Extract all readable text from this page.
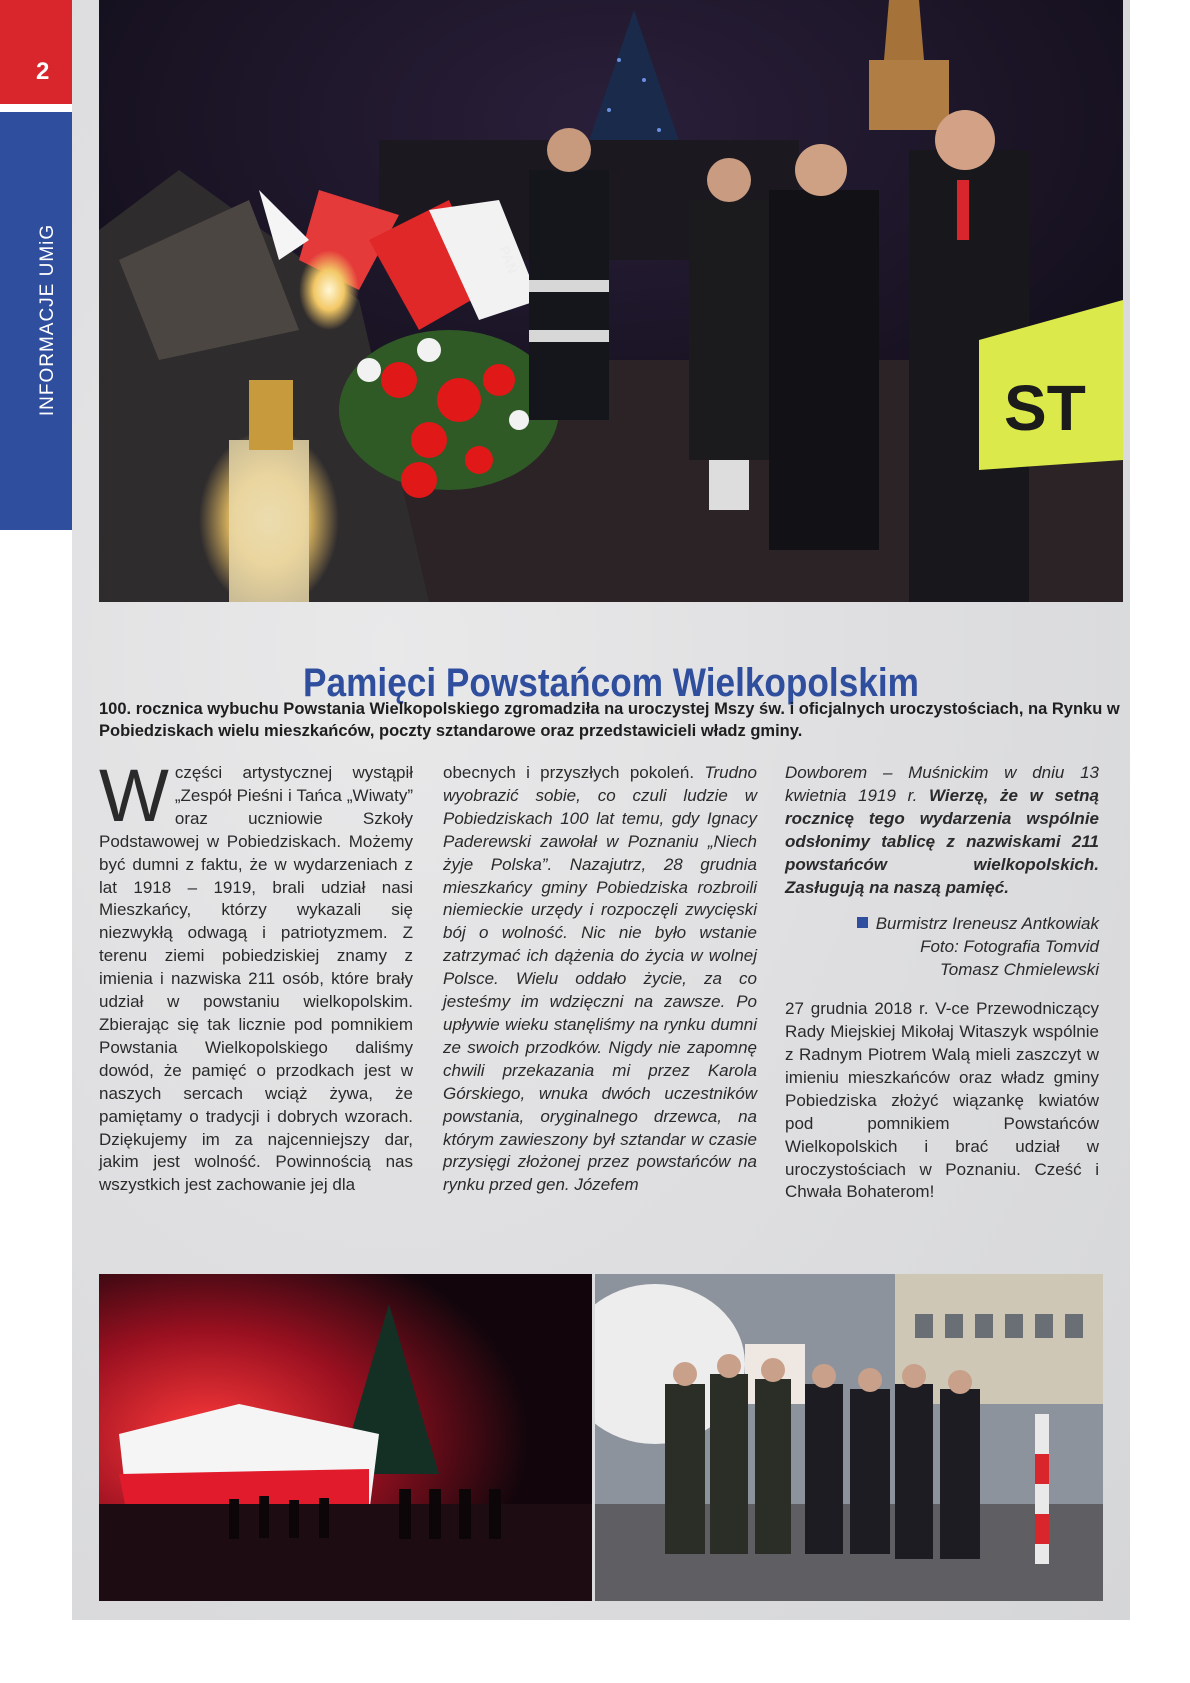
2
INFORMACJE UMiG	ST
PAŃ
Pamięci Powstańcom Wielkopolskim
100. rocznica wybuchu Powstania Wielkopolskiego zgromadziła na uroczystej Mszy św. i oficjalnych uroczystościach, na Rynku w Pobiedziskach wielu mieszkańców, poczty sztandarowe oraz przedstawicieli władz gminy.
W części artystycznej wystąpił „Zespół Pieśni i Tańca „Wiwaty” oraz uczniowie Szkoły Podstawowej w Pobiedziskach. Możemy być dumni z faktu, że w wydarzeniach z lat 1918 – 1919, brali udział nasi Mieszkańcy, którzy wykazali się niezwykłą odwagą i patriotyzmem. Z terenu ziemi pobiedziskiej znamy z imienia i nazwiska 211 osób, które brały udział w powstaniu wielkopolskim. Zbierając się tak licznie pod pomnikiem Powstania Wielkopolskiego daliśmy dowód, że pamięć o przodkach jest w naszych sercach wciąż żywa, że pamiętamy o tradycji i dobrych wzorach. Dziękujemy im za najcenniejszy dar, jakim jest wolność. Powinnością nas wszystkich jest zachowanie jej dla
obecnych i przyszłych pokoleń. Trudno wyobrazić sobie, co czuli ludzie w Pobiedziskach 100 lat temu, gdy Ignacy Paderewski zawołał w Poznaniu „Niech żyje Polska”. Nazajutrz, 28 grudnia mieszkańcy gminy Pobiedziska rozbroili niemieckie urzędy i rozpoczęli zwycięski bój o wolność. Nic nie było wstanie zatrzymać ich dążenia do życia w wolnej Polsce. Wielu oddało życie, za co jesteśmy im wdzięczni na zawsze. Po upływie wieku stanęliśmy na rynku dumni ze swoich przodków. Nigdy nie zapomnę chwili przekazania mi przez Karola Górskiego, wnuka dwóch uczestników powstania, oryginalnego drzewca, na którym zawieszony był sztandar w czasie przysięgi złożonej przez powstańców na rynku przed gen. Józefem
Dowborem – Muśnickim w dniu 13 kwietnia 1919 r. Wierzę, że w setną rocznicę tego wydarzenia wspólnie odsłonimy tablicę z nazwiskami 211 powstańców wielkopolskich. Zasługują na naszą pamięć.
Burmistrz Ireneusz Antkowiak
Foto: Fotografia Tomvid
Tomasz Chmielewski
27 grudnia 2018 r. V-ce Przewodniczący Rady Miejskiej Mikołaj Witaszyk wspólnie z Radnym Piotrem Walą mieli zaszczyt w imieniu mieszkańców oraz władz gminy Pobiedziska złożyć wiązankę kwiatów pod pomnikiem Powstańców Wielkopolskich i brać udział w uroczystościach w Poznaniu. Cześć i Chwała Bohaterom!
